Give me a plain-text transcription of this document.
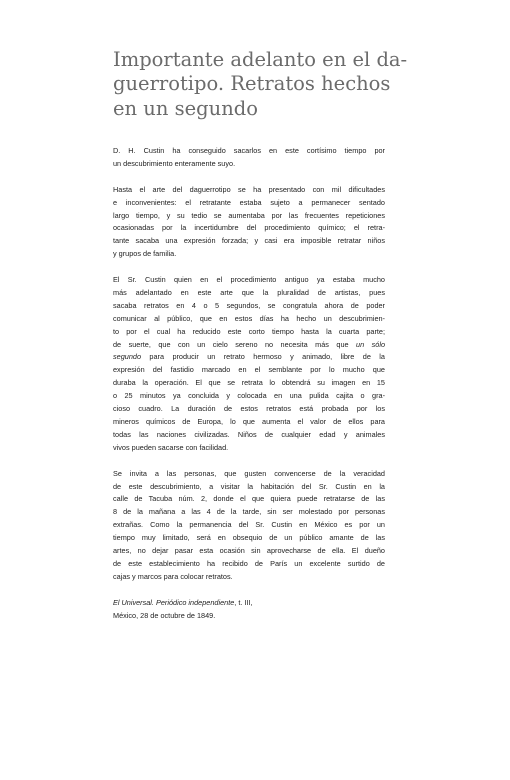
Importante adelanto en el da-
guerrotipo. Retratos hechos
en un segundo

D. H. Custin ha conseguido sacarlos en este cortísimo tiempo por
un descubrimiento enteramente suyo.

Hasta el arte del daguerrotipo se ha presentado con mil dificultades
e inconvenientes: el retratante estaba sujeto a permanecer sentado
largo tiempo, y su tedio se aumentaba por las frecuentes repeticiones
ocasionadas por la incertidumbre del procedimiento químico; el retra-
tante sacaba una expresión forzada; y casi era imposible retratar niños
y grupos de familia.

El Sr. Custin quien en el procedimiento antiguo ya estaba mucho
más adelantado en este arte que la pluralidad de artistas, pues
sacaba retratos en 4 o 5 segundos, se congratula ahora de poder
comunicar al público, que en estos días ha hecho un descubrimien-
to por el cual ha reducido este corto tiempo hasta la cuarta parte;
de suerte, que con un cielo sereno no necesita más que un sólo
segundo para producir un retrato hermoso y animado, libre de la
expresión del fastidio marcado en el semblante por lo mucho que
duraba la operación. El que se retrata lo obtendrá su imagen en 15
o 25 minutos ya concluida y colocada en una pulida cajita o gra-
cioso cuadro. La duración de estos retratos está probada por los
mineros químicos de Europa, lo que aumenta el valor de ellos para
todas las naciones civilizadas. Niños de cualquier edad y animales
vivos pueden sacarse con facilidad.

Se invita a las personas, que gusten convencerse de la veracidad
de este descubrimiento, a visitar la habitación del Sr. Custin en la
calle de Tacuba núm. 2, donde el que quiera puede retratarse de las
8 de la mañana a las 4 de la tarde, sin ser molestado por personas
extrañas. Como la permanencia del Sr. Custin en México es por un
tiempo muy limitado, será en obsequio de un público amante de las
artes, no dejar pasar esta ocasión sin aprovecharse de ella. El dueño
de este establecimiento ha recibido de París un excelente surtido de
cajas y marcos para colocar retratos.

El Universal. Periódico independiente, t. III,
México, 28 de octubre de 1849.
